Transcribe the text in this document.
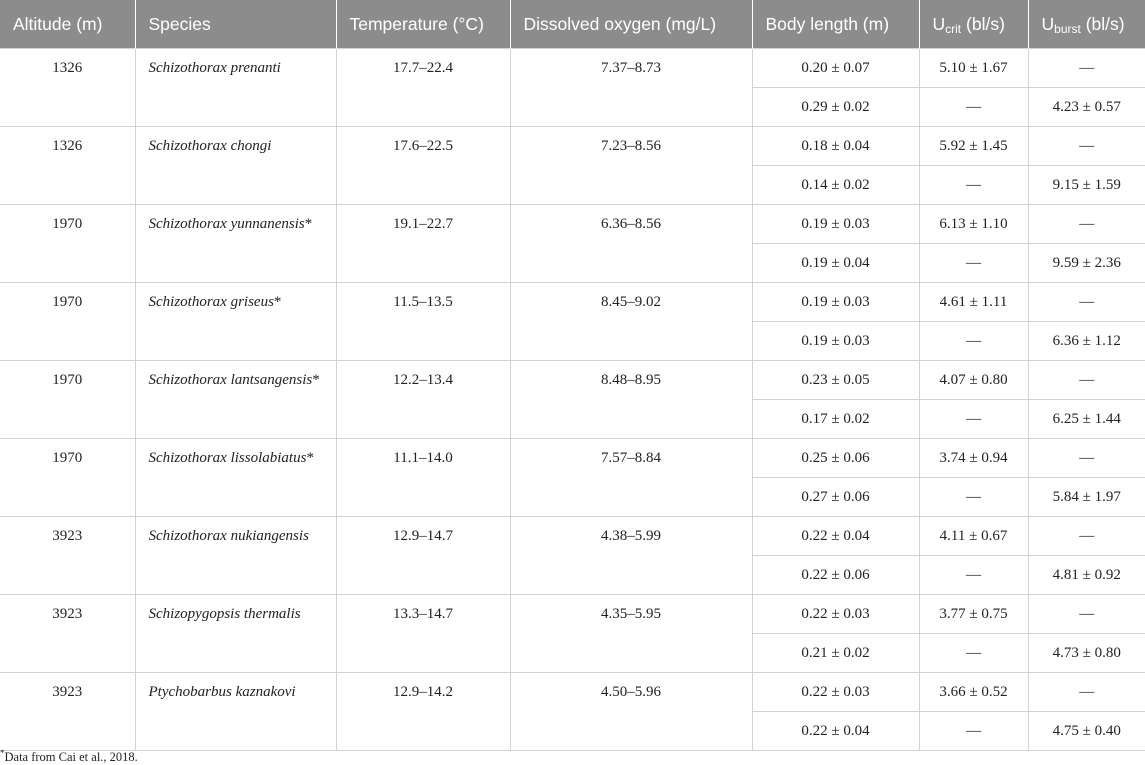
Altitude (m)	Species	Temperature (°C)	Dissolved oxygen (mg/L)	Body length (m)	$U_{crit}$ (bl/s)	$U_{burst}$ (bl/s)
1326	Schizothorax prenanti	17.7–22.4	7.37–8.73	0.20 ± 0.07	5.10 ± 1.67	—
				0.29 ± 0.02	—	4.23 ± 0.57
1326	Schizothorax chongi	17.6–22.5	7.23–8.56	0.18 ± 0.04	5.92 ± 1.45	—
				0.14 ± 0.02	—	9.15 ± 1.59
1970	Schizothorax yunnanensis*	19.1–22.7	6.36–8.56	0.19 ± 0.03	6.13 ± 1.10	—
				0.19 ± 0.04	—	9.59 ± 2.36
1970	Schizothorax griseus*	11.5–13.5	8.45–9.02	0.19 ± 0.03	4.61 ± 1.11	—
				0.19 ± 0.03	—	6.36 ± 1.12
1970	Schizothorax lantsangensis*	12.2–13.4	8.48–8.95	0.23 ± 0.05	4.07 ± 0.80	—
				0.17 ± 0.02	—	6.25 ± 1.44
1970	Schizothorax lissolabiatus*	11.1–14.0	7.57–8.84	0.25 ± 0.06	3.74 ± 0.94	—
				0.27 ± 0.06	—	5.84 ± 1.97
3923	Schizothorax nukiangensis	12.9–14.7	4.38–5.99	0.22 ± 0.04	4.11 ± 0.67	—
				0.22 ± 0.06	—	4.81 ± 0.92
3923	Schizopygopsis thermalis	13.3–14.7	4.35–5.95	0.22 ± 0.03	3.77 ± 0.75	—
				0.21 ± 0.02	—	4.73 ± 0.80
3923	Ptychobarbus kaznakovi	12.9–14.2	4.50–5.96	0.22 ± 0.03	3.66 ± 0.52	—
				0.22 ± 0.04	—	4.75 ± 0.40
*Data from Cai et al., 2018.
